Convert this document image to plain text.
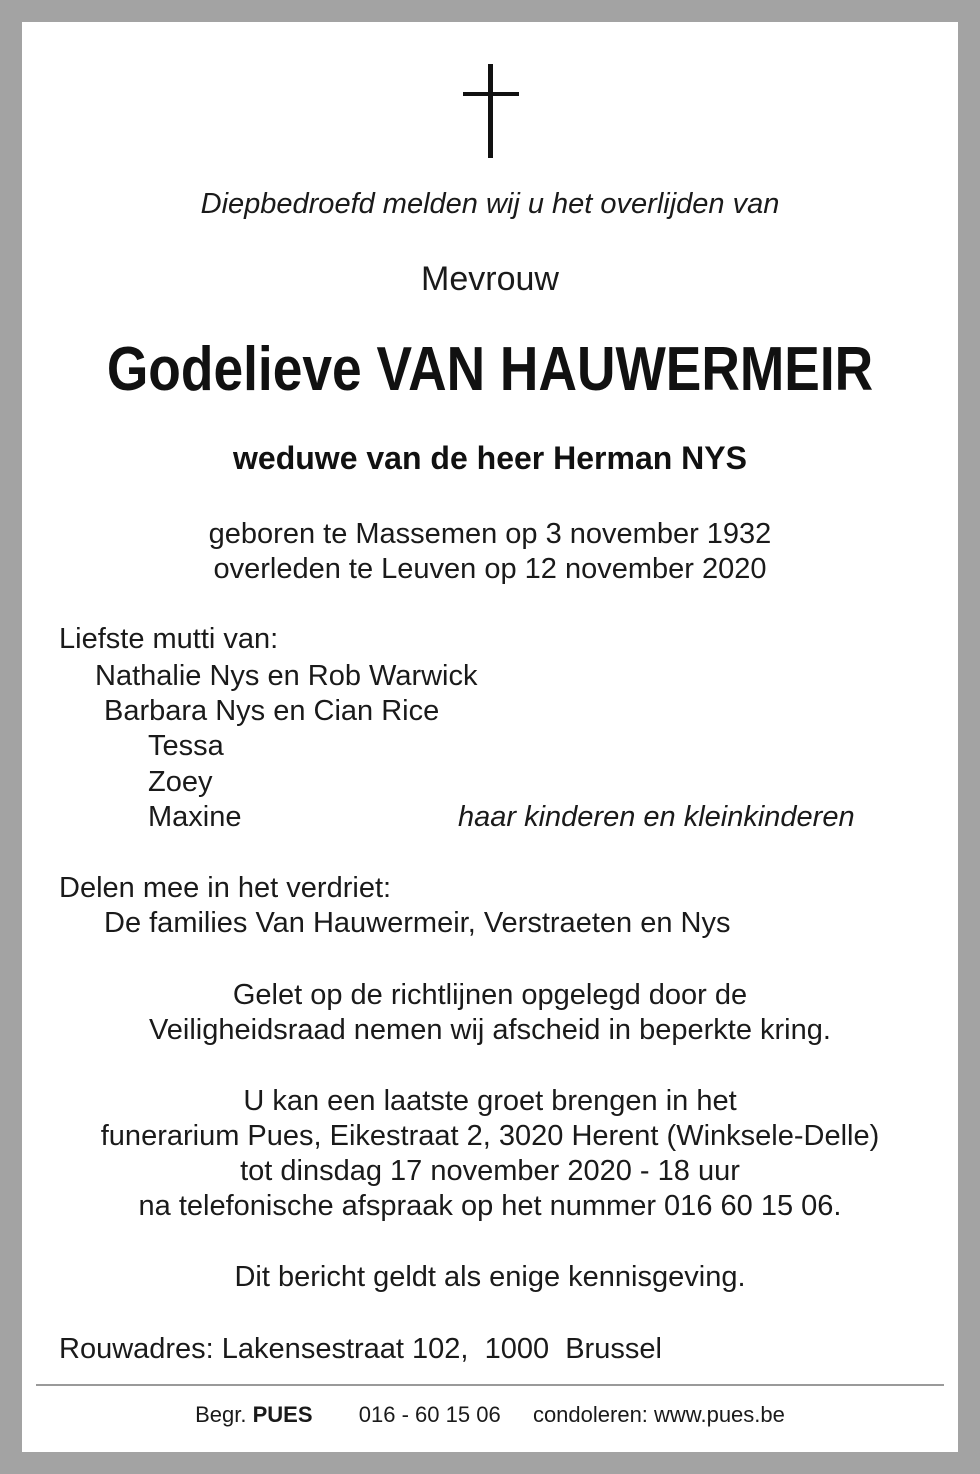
Diepbedroefd melden wij u het overlijden van
Mevrouw
Godelieve VAN HAUWERMEIR
weduwe van de heer Herman NYS
geboren te Massemen op 3 november 1932
overleden te Leuven op 12 november 2020
Liefste mutti van:
Nathalie Nys en Rob Warwick
Barbara Nys en Cian Rice
Tessa
Zoey
Maxine	haar kinderen en kleinkinderen
Delen mee in het verdriet:
De families Van Hauwermeir, Verstraeten en Nys
Gelet op de richtlijnen opgelegd door de
Veiligheidsraad nemen wij afscheid in beperkte kring.
U kan een laatste groet brengen in het
funerarium Pues, Eikestraat 2, 3020 Herent (Winksele-Delle)
tot dinsdag 17 november 2020 - 18 uur
na telefonische afspraak op het nummer 016 60 15 06.
Dit bericht geldt als enige kennisgeving.
Rouwadres: Lakensestraat 102,  1000  Brussel
Begr. PUES 016 - 60 15 06 condoleren: www.pues.be
